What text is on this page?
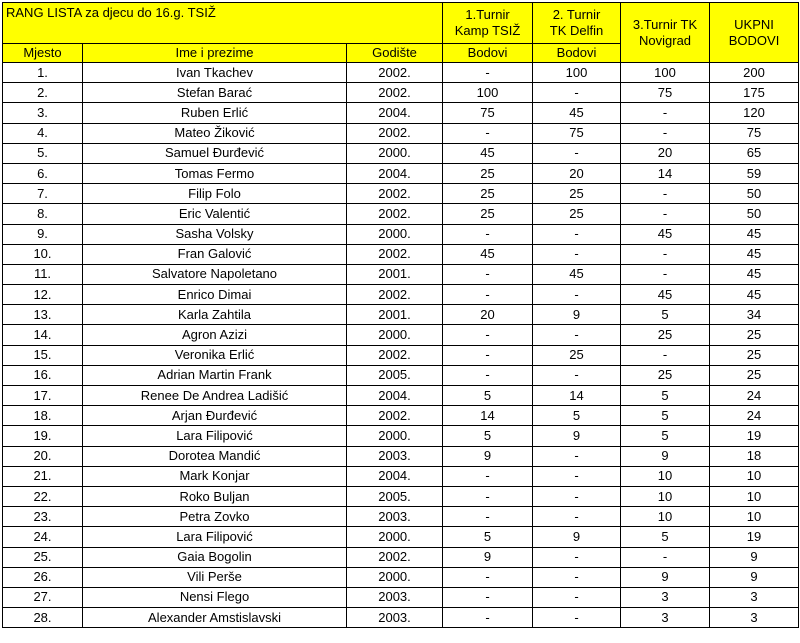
RANG LISTA za djecu do 16.g. TSIŽ			1.Turnir
Kamp TSIŽ	2. Turnir
TK Delfin	3.Turnir TK
Novigrad	UKPNI
BODOVI
Mjesto	Ime i prezime	Godište	Bodovi	Bodovi		
1.	Ivan Tkachev	2002.	-	100	100	200
2.	Stefan Barać	2002.	100	-	75	175
3.	Ruben Erlić	2004.	75	45	-	120
4.	Mateo Žiković	2002.	-	75	-	75
5.	Samuel Đurđević	2000.	45	-	20	65
6.	Tomas Fermo	2004.	25	20	14	59
7.	Filip Folo	2002.	25	25	-	50
8.	Eric Valentić	2002.	25	25	-	50
9.	Sasha Volsky	2000.	-	-	45	45
10.	Fran Galović	2002.	45	-	-	45
11.	Salvatore Napoletano	2001.	-	45	-	45
12.	Enrico Dimai	2002.	-	-	45	45
13.	Karla Zahtila	2001.	20	9	5	34
14.	Agron Azizi	2000.	-	-	25	25
15.	Veronika Erlić	2002.	-	25	-	25
16.	Adrian Martin Frank	2005.	-	-	25	25
17.	Renee De Andrea Ladišić	2004.	5	14	5	24
18.	Arjan Đurđević	2002.	14	5	5	24
19.	Lara Filipović	2000.	5	9	5	19
20.	Dorotea Mandić	2003.	9	-	9	18
21.	Mark Konjar	2004.	-	-	10	10
22.	Roko Buljan	2005.	-	-	10	10
23.	Petra Zovko	2003.	-	-	10	10
24.	Lara Filipović	2000.	5	9	5	19
25.	Gaia Bogolin	2002.	9	-	-	9
26.	Vili Perše	2000.	-	-	9	9
27.	Nensi Flego	2003.	-	-	3	3
28.	Alexander Amstislavski	2003.	-	-	3	3
